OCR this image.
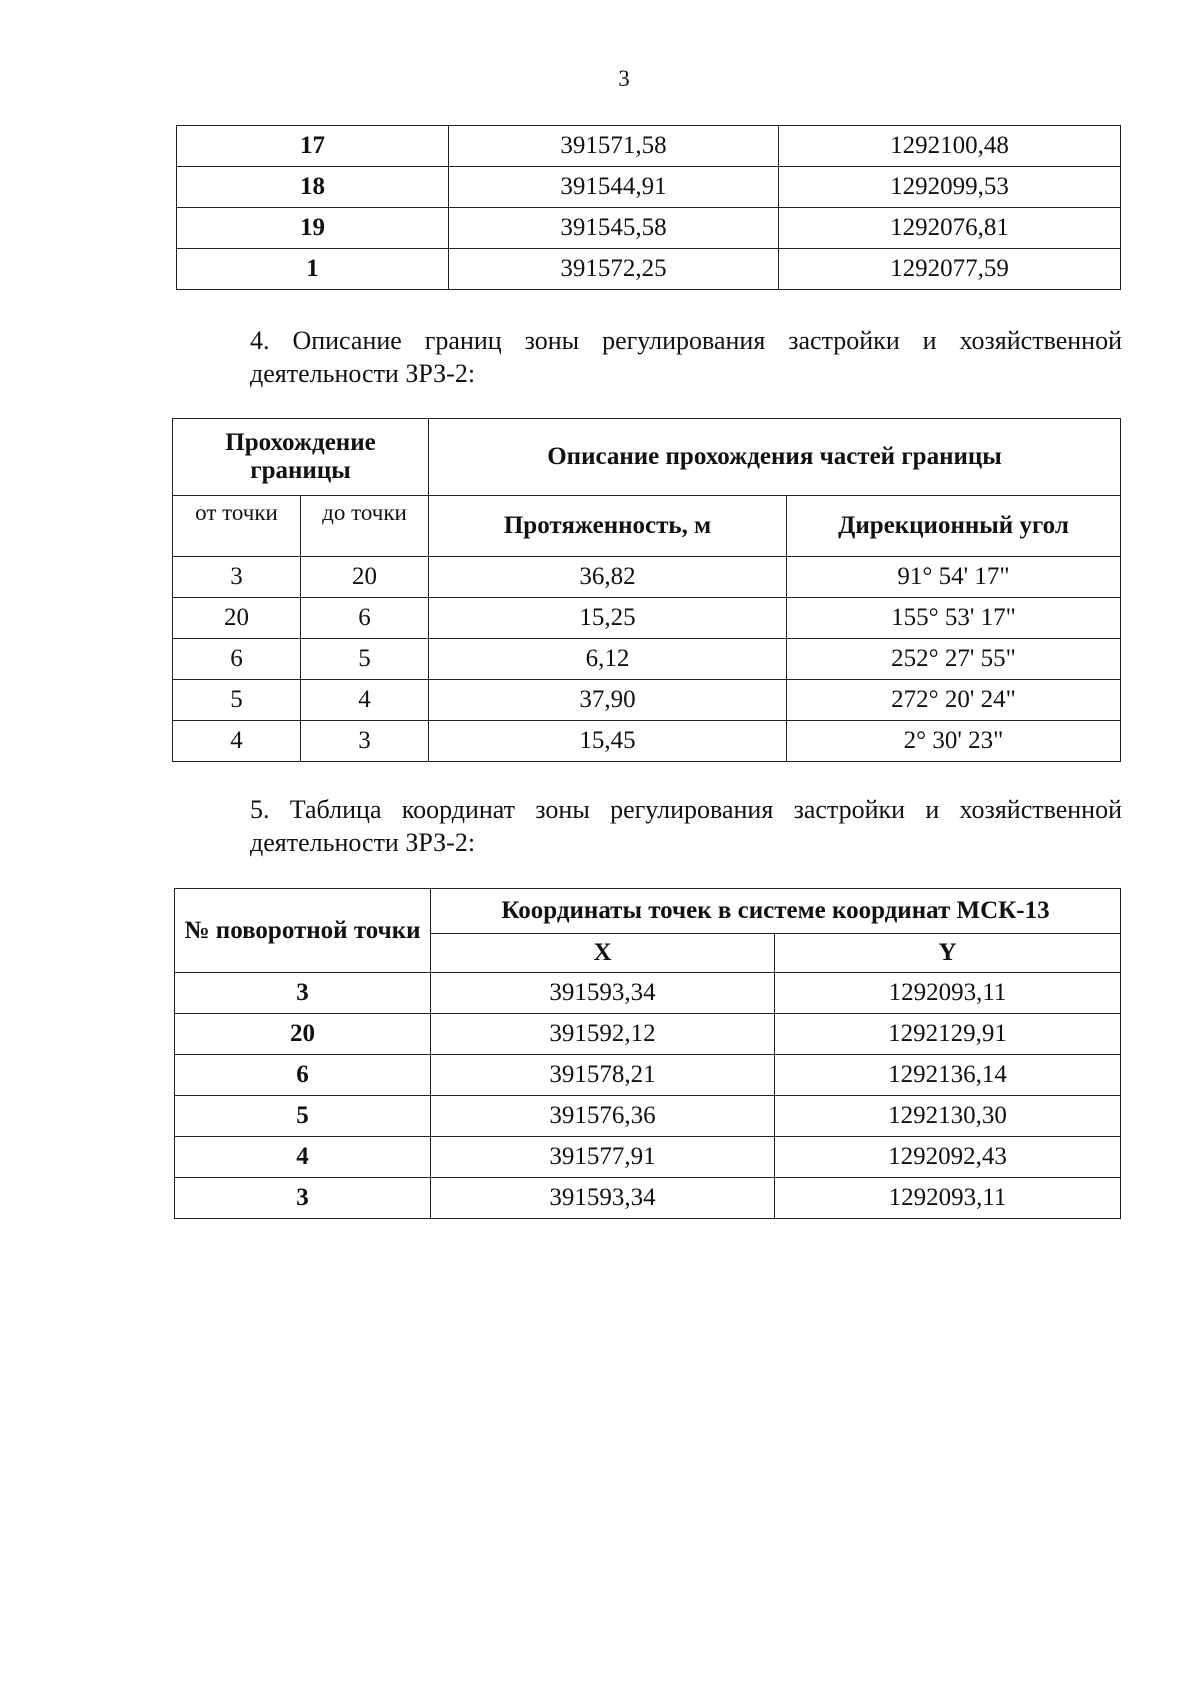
3
17	391571,58	1292100,48
18	391544,91	1292099,53
19	391545,58	1292076,81
1	391572,25	1292077,59
4. Описание границ зоны регулирования застройки и хозяйственной деятельности ЗРЗ-2:
Прохождение границы		Описание прохождения частей границы	
от точки	до точки	Протяженность, м	Дирекционный угол
3	20	36,82	91° 54' 17"
20	6	15,25	155° 53' 17"
6	5	6,12	252° 27' 55"
5	4	37,90	272° 20' 24"
4	3	15,45	2° 30' 23"
5. Таблица координат зоны регулирования застройки и хозяйственной деятельности ЗРЗ-2:
№ поворотной точки	Координаты точек в системе координат МСК-13	
	X	Y
3	391593,34	1292093,11
20	391592,12	1292129,91
6	391578,21	1292136,14
5	391576,36	1292130,30
4	391577,91	1292092,43
3	391593,34	1292093,11
